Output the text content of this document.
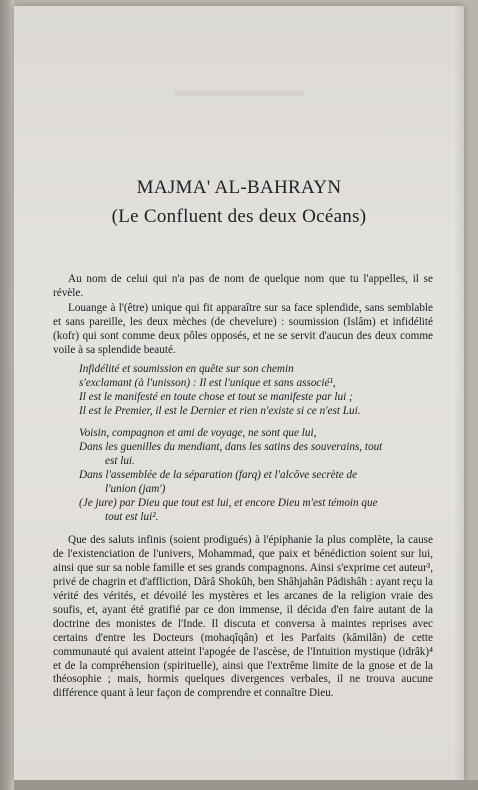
MAJMA' AL-BAHRAYN
(Le Confluent des deux Océans)

Au nom de celui qui n'a pas de nom de quelque nom que tu l'appelles, il se révèle.

Louange à l'(être) unique qui fit apparaître sur sa face splendide, sans semblable et sans pareille, les deux mèches (de chevelure) : soumission (Islâm) et infidélité (kofr) qui sont comme deux pôles opposés, et ne se servit d'aucun des deux comme voile à sa splendide beauté.

Infidélité et soumission en quête sur son chemin
s'exclamant (à l'unisson) : Il est l'unique et sans associé¹,
Il est le manifesté en toute chose et tout se manifeste par lui ;
Il est le Premier, il est le Dernier et rien n'existe si ce n'est Lui.
Voisin, compagnon et ami de voyage, ne sont que lui,
Dans les guenilles du mendiant, dans les satins des souverains, tout
est lui.
Dans l'assemblée de la séparation (farq) et l'alcôve secrète de
l'union (jam')
(Je jure) par Dieu que tout est lui, et encore Dieu m'est témoin que
tout est lui².

Que des saluts infinis (soient prodigués) à l'épiphanie la plus complète, la cause de l'existenciation de l'univers, Mohammad, que paix et bénédiction soient sur lui, ainsi que sur sa noble famille et ses grands compagnons. Ainsi s'exprime cet auteur³, privé de chagrin et d'affliction, Dârâ Shokûh, ben Shâhjahân Pâdishâh : ayant reçu la vérité des vérités, et dévoilé les mystères et les arcanes de la religion vraie des soufis, et, ayant été gratifié par ce don immense, il décida d'en faire autant de la doctrine des monistes de l'Inde. Il discuta et conversa à maintes reprises avec certains d'entre les Docteurs (mohaqîqân) et les Parfaits (kâmilân) de cette communauté qui avaient atteint l'apogée de l'ascèse, de l'Intuition mystique (idrâk)⁴ et de la compréhension (spirituelle), ainsi que l'extrême limite de la gnose et de la théosophie ; mais, hormis quelques divergences verbales, il ne trouva aucune différence quant à leur façon de comprendre et connaître Dieu.
